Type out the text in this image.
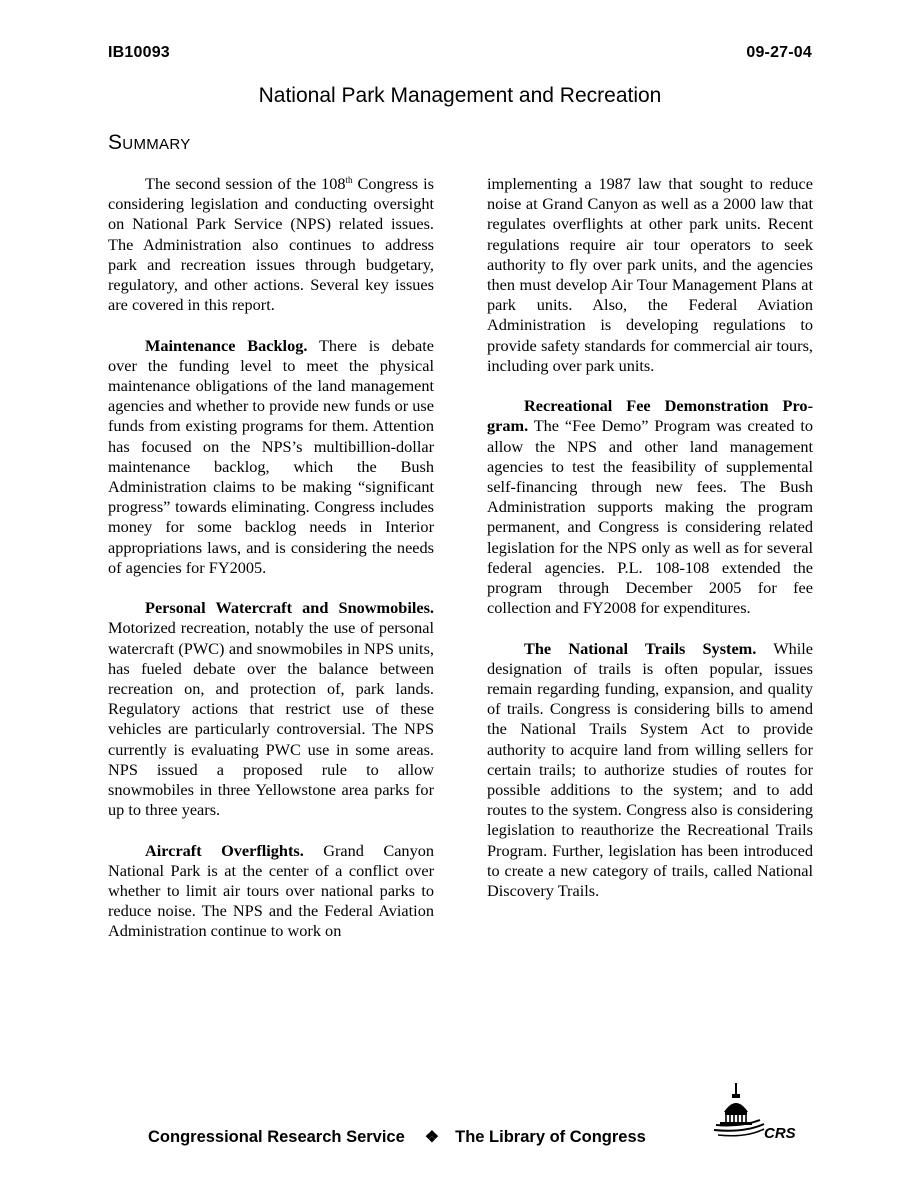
IB10093	09-27-04
National Park Management and Recreation
Summary

The second session of the 108th Congress is considering legislation and conducting oversight on National Park Service (NPS) related issues. The Administration also continues to address park and recreation issues through budgetary, regulatory, and other actions. Several key issues are covered in this report.

Maintenance Backlog. There is debate over the funding level to meet the physical maintenance obligations of the land management agencies and whether to provide new funds or use funds from existing programs for them. Attention has focused on the NPS’s multibillion-dollar maintenance backlog, which the Bush Administration claims to be making “significant progress” towards eliminating. Congress includes money for some backlog needs in Interior appropriations laws, and is considering the needs of agencies for FY2005.

Personal Watercraft and Snowmobiles. Motorized recreation, notably the use of personal watercraft (PWC) and snowmobiles in NPS units, has fueled debate over the balance between recreation on, and protection of, park lands. Regulatory actions that restrict use of these vehicles are particularly controversial. The NPS currently is evaluating PWC use in some areas. NPS issued a proposed rule to allow snowmobiles in three Yellowstone area parks for up to three years.

Aircraft Overflights. Grand Canyon National Park is at the center of a conflict over whether to limit air tours over national parks to reduce noise. The NPS and the Federal Aviation Administration continue to work on

implementing a 1987 law that sought to reduce noise at Grand Canyon as well as a 2000 law that regulates overflights at other park units. Recent regulations require air tour operators to seek authority to fly over park units, and the agencies then must develop Air Tour Management Plans at park units. Also, the Federal Aviation Administration is developing regulations to provide safety standards for commercial air tours, including over park units.

Recreational Fee Demonstration Program. The “Fee Demo” Program was created to allow the NPS and other land management agencies to test the feasibility of supplemental self-financing through new fees. The Bush Administration supports making the program permanent, and Congress is considering related legislation for the NPS only as well as for several federal agencies. P.L. 108-108 extended the program through December 2005 for fee collection and FY2008 for expenditures.

The National Trails System. While designation of trails is often popular, issues remain regarding funding, expansion, and quality of trails. Congress is considering bills to amend the National Trails System Act to provide authority to acquire land from willing sellers for certain trails; to authorize studies of routes for possible additions to the system; and to add routes to the system. Congress also is considering legislation to reauthorize the Recreational Trails Program. Further, legislation has been introduced to create a new category of trails, called National Discovery Trails.

Congressional Research Service ❖ The Library of Congress	CRS
